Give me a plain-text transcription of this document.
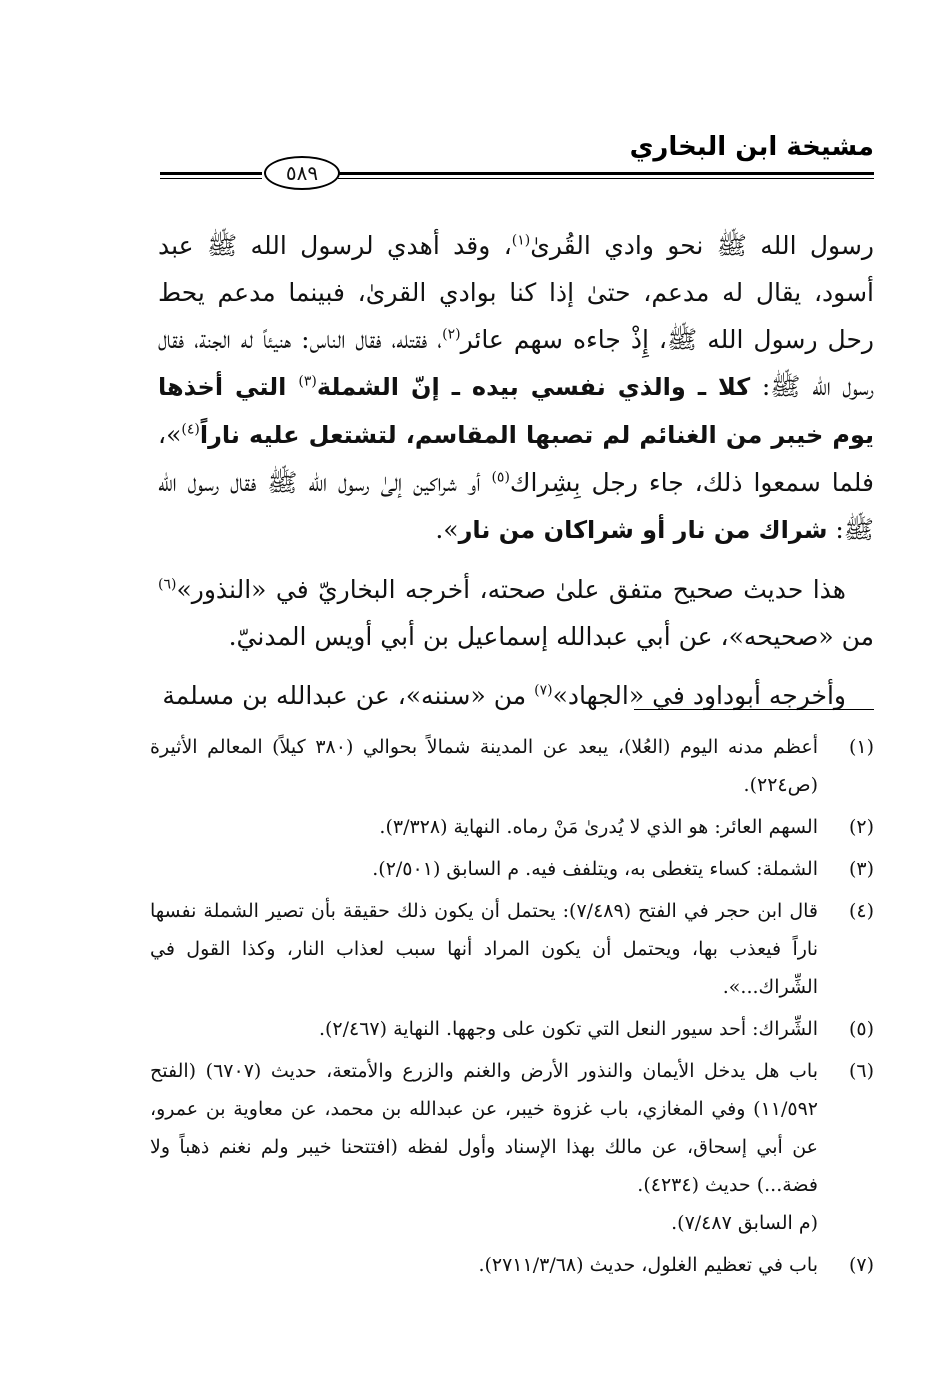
مشيخة ابن البخاري
٥٨٩

رسول الله ﷺ نحو وادي القُرىٰ$^{(١)}$، وقد أهدي لرسول الله ﷺ عبد أسود، يقال له مدعم، حتىٰ إذا كنا بوادي القرىٰ، فبينما مدعم يحط رحل رسول الله ﷺ، إِذْ جاءه سهم عائر$^{(٢)}$، فقتله، فقال الناس: هنيئاً له الجنة، فقال رسول الله ﷺ: كلا ـ والذي نفسي بيده ـ إنّ الشملة$^{(٣)}$ التي أخذها يوم خيبر من الغنائم لم تصبها المقاسم، لتشتعل عليه ناراً$^{(٤)}$»، فلما سمعوا ذلك، جاء رجل بِشِراك$^{(٥)}$ أو شراكين إلىٰ رسول الله ﷺ فقال رسول الله ﷺ: شراك من نار أو شراكان من نار».

هذا حديث صحيح متفق علىٰ صحته، أخرجه البخاريّ في «النذور»$^{(٦)}$ من «صحيحه»، عن أبي عبدالله إسماعيل بن أبي أويس المدنيّ.

وأخرجه أبوداود في «الجهاد»$^{(٧)}$ من «سننه»، عن عبدالله بن مسلمة

(١)
أعظم مدنه اليوم (العُلا)، يبعد عن المدينة شمالاً بحوالي (٣٨٠ كيلاً) المعالم الأثيرة (ص٢٢٤).
(٢)
السهم العائر: هو الذي لا يُدرىٰ مَنْ رماه. النهاية (٣/٣٢٨).
(٣)
الشملة: كساء يتغطى به، ويتلفف فيه. م السابق (٢/٥٠١).
(٤)
قال ابن حجر في الفتح (٧/٤٨٩): يحتمل أن يكون ذلك حقيقة بأن تصير الشملة نفسها ناراً فيعذب بها، ويحتمل أن يكون المراد أنها سبب لعذاب النار، وكذا القول في الشِّراك...».
(٥)
الشِّراك: أحد سيور النعل التي تكون على وجهها. النهاية (٢/٤٦٧).
(٦)
باب هل يدخل الأيمان والنذور الأرض والغنم والزرع والأمتعة، حديث (٦٧٠٧) (الفتح ١١/٥٩٢) وفي المغازي، باب غزوة خيبر، عن عبدالله بن محمد، عن معاوية بن عمرو، عن أبي إسحاق، عن مالك بهذا الإسناد وأول لفظه (افتتحنا خيبر ولم نغنم ذهباً ولا فضة...) حديث (٤٢٣٤).
(م السابق ٧/٤٨٧).
(٧)
باب في تعظيم الغلول، حديث (٢٧١١/٣/٦٨).
